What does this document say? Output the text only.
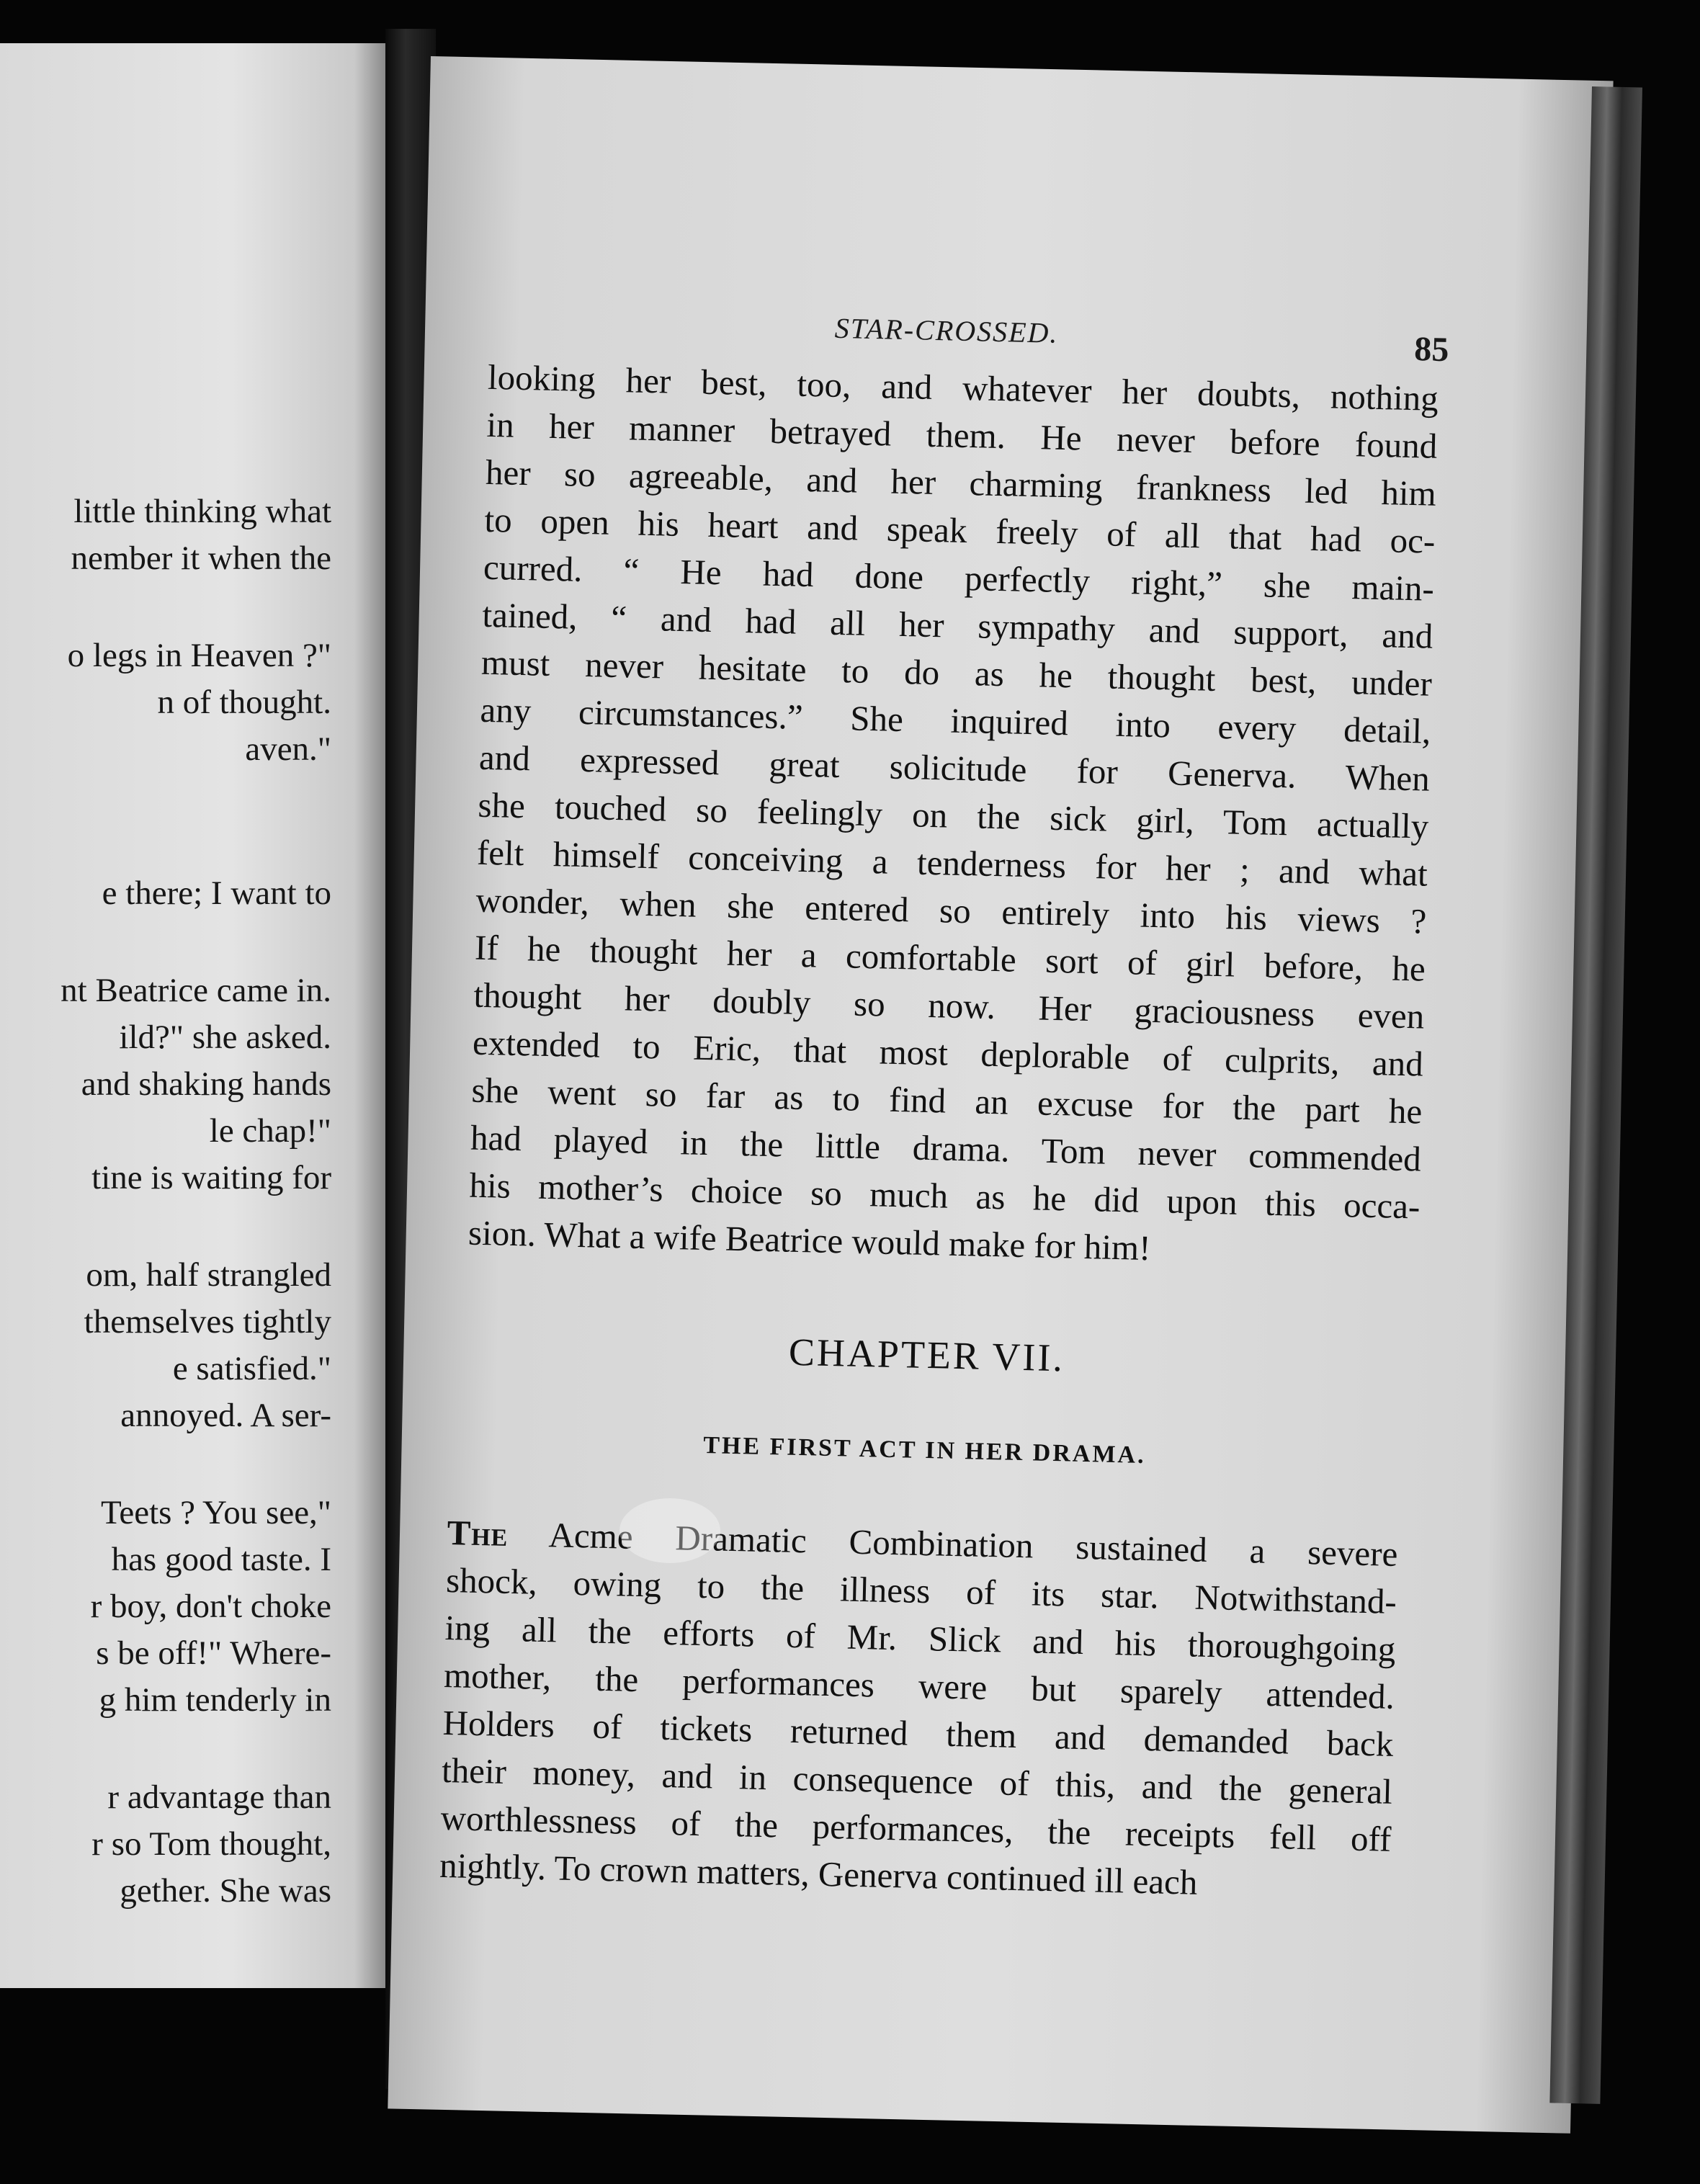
little thinking what
nember it when the
o legs in Heaven ?"
n of thought.
aven."
e there; I want to
nt Beatrice came in.
ild?" she asked.
and shaking hands
le chap!"
tine is waiting for
om, half strangled
themselves tightly
e satisfied."
annoyed. A ser-
Teets ? You see,"
has good taste. I
r boy, don't choke
s be off!" Where-
g him tenderly in
r advantage than
r so Tom thought,
gether. She was
STAR-CROSSED.	85
looking her best, too, and whatever her doubts, nothing
in her manner betrayed them. He never before found
her so agreeable, and her charming frankness led him
to open his heart and speak freely of all that had oc-
curred. “ He had done perfectly right,” she main-
tained, “ and had all her sympathy and support, and
must never hesitate to do as he thought best, under
any circumstances.” She inquired into every detail,
and expressed great solicitude for Generva. When
she touched so feelingly on the sick girl, Tom actually
felt himself conceiving a tenderness for her ; and what
wonder, when she entered so entirely into his views ?
If he thought her a comfortable sort of girl before, he
thought her doubly so now. Her graciousness even
extended to Eric, that most deplorable of culprits, and
she went so far as to find an excuse for the part he
had played in the little drama. Tom never commended
his mother’s choice so much as he did upon this occa-
sion. What a wife Beatrice would make for him!
CHAPTER VII.
THE FIRST ACT IN HER DRAMA.
The Acme Dramatic Combination sustained a severe
shock, owing to the illness of its star. Notwithstand-
ing all the efforts of Mr. Slick and his thoroughgoing
mother, the performances were but sparely attended.
Holders of tickets returned them and demanded back
their money, and in consequence of this, and the general
worthlessness of the performances, the receipts fell off
nightly. To crown matters, Generva continued ill each
